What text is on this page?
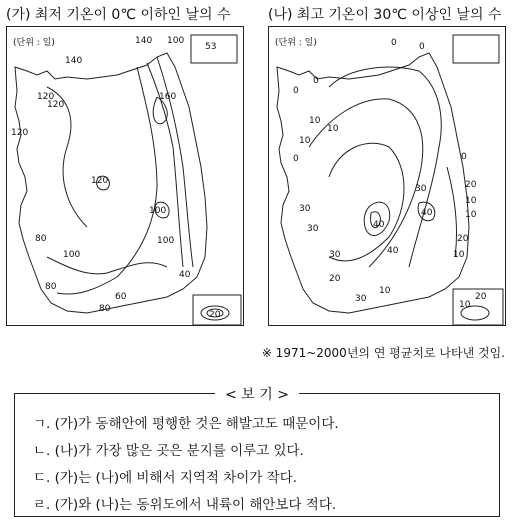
(가) 최저 기온이 0℃ 이하인 날의 수
140 100
53
140
160
120
120
120
120
100
100
100
80
80
60
80
40
20
(단위 : 일)
(나) 최고 기온이 30℃ 이상인 날의 수
0 0
0
0
10
10
10
0	0
20
10
10
30
30	40
40
30
30	40
20
10
20
10
30
10
20
(단위 : 일)
※ 1971~2000년의 연 평균치로 나타낸 것임.
< 보 기 >
ㄱ. (가)가 동해안에 평행한 것은 해발고도 때문이다.
ㄴ. (나)가 가장 많은 곳은 분지를 이루고 있다.
ㄷ. (가)는 (나)에 비해서 지역적 차이가 작다.
ㄹ. (가)와 (나)는 동위도에서 내륙이 해안보다 적다.
